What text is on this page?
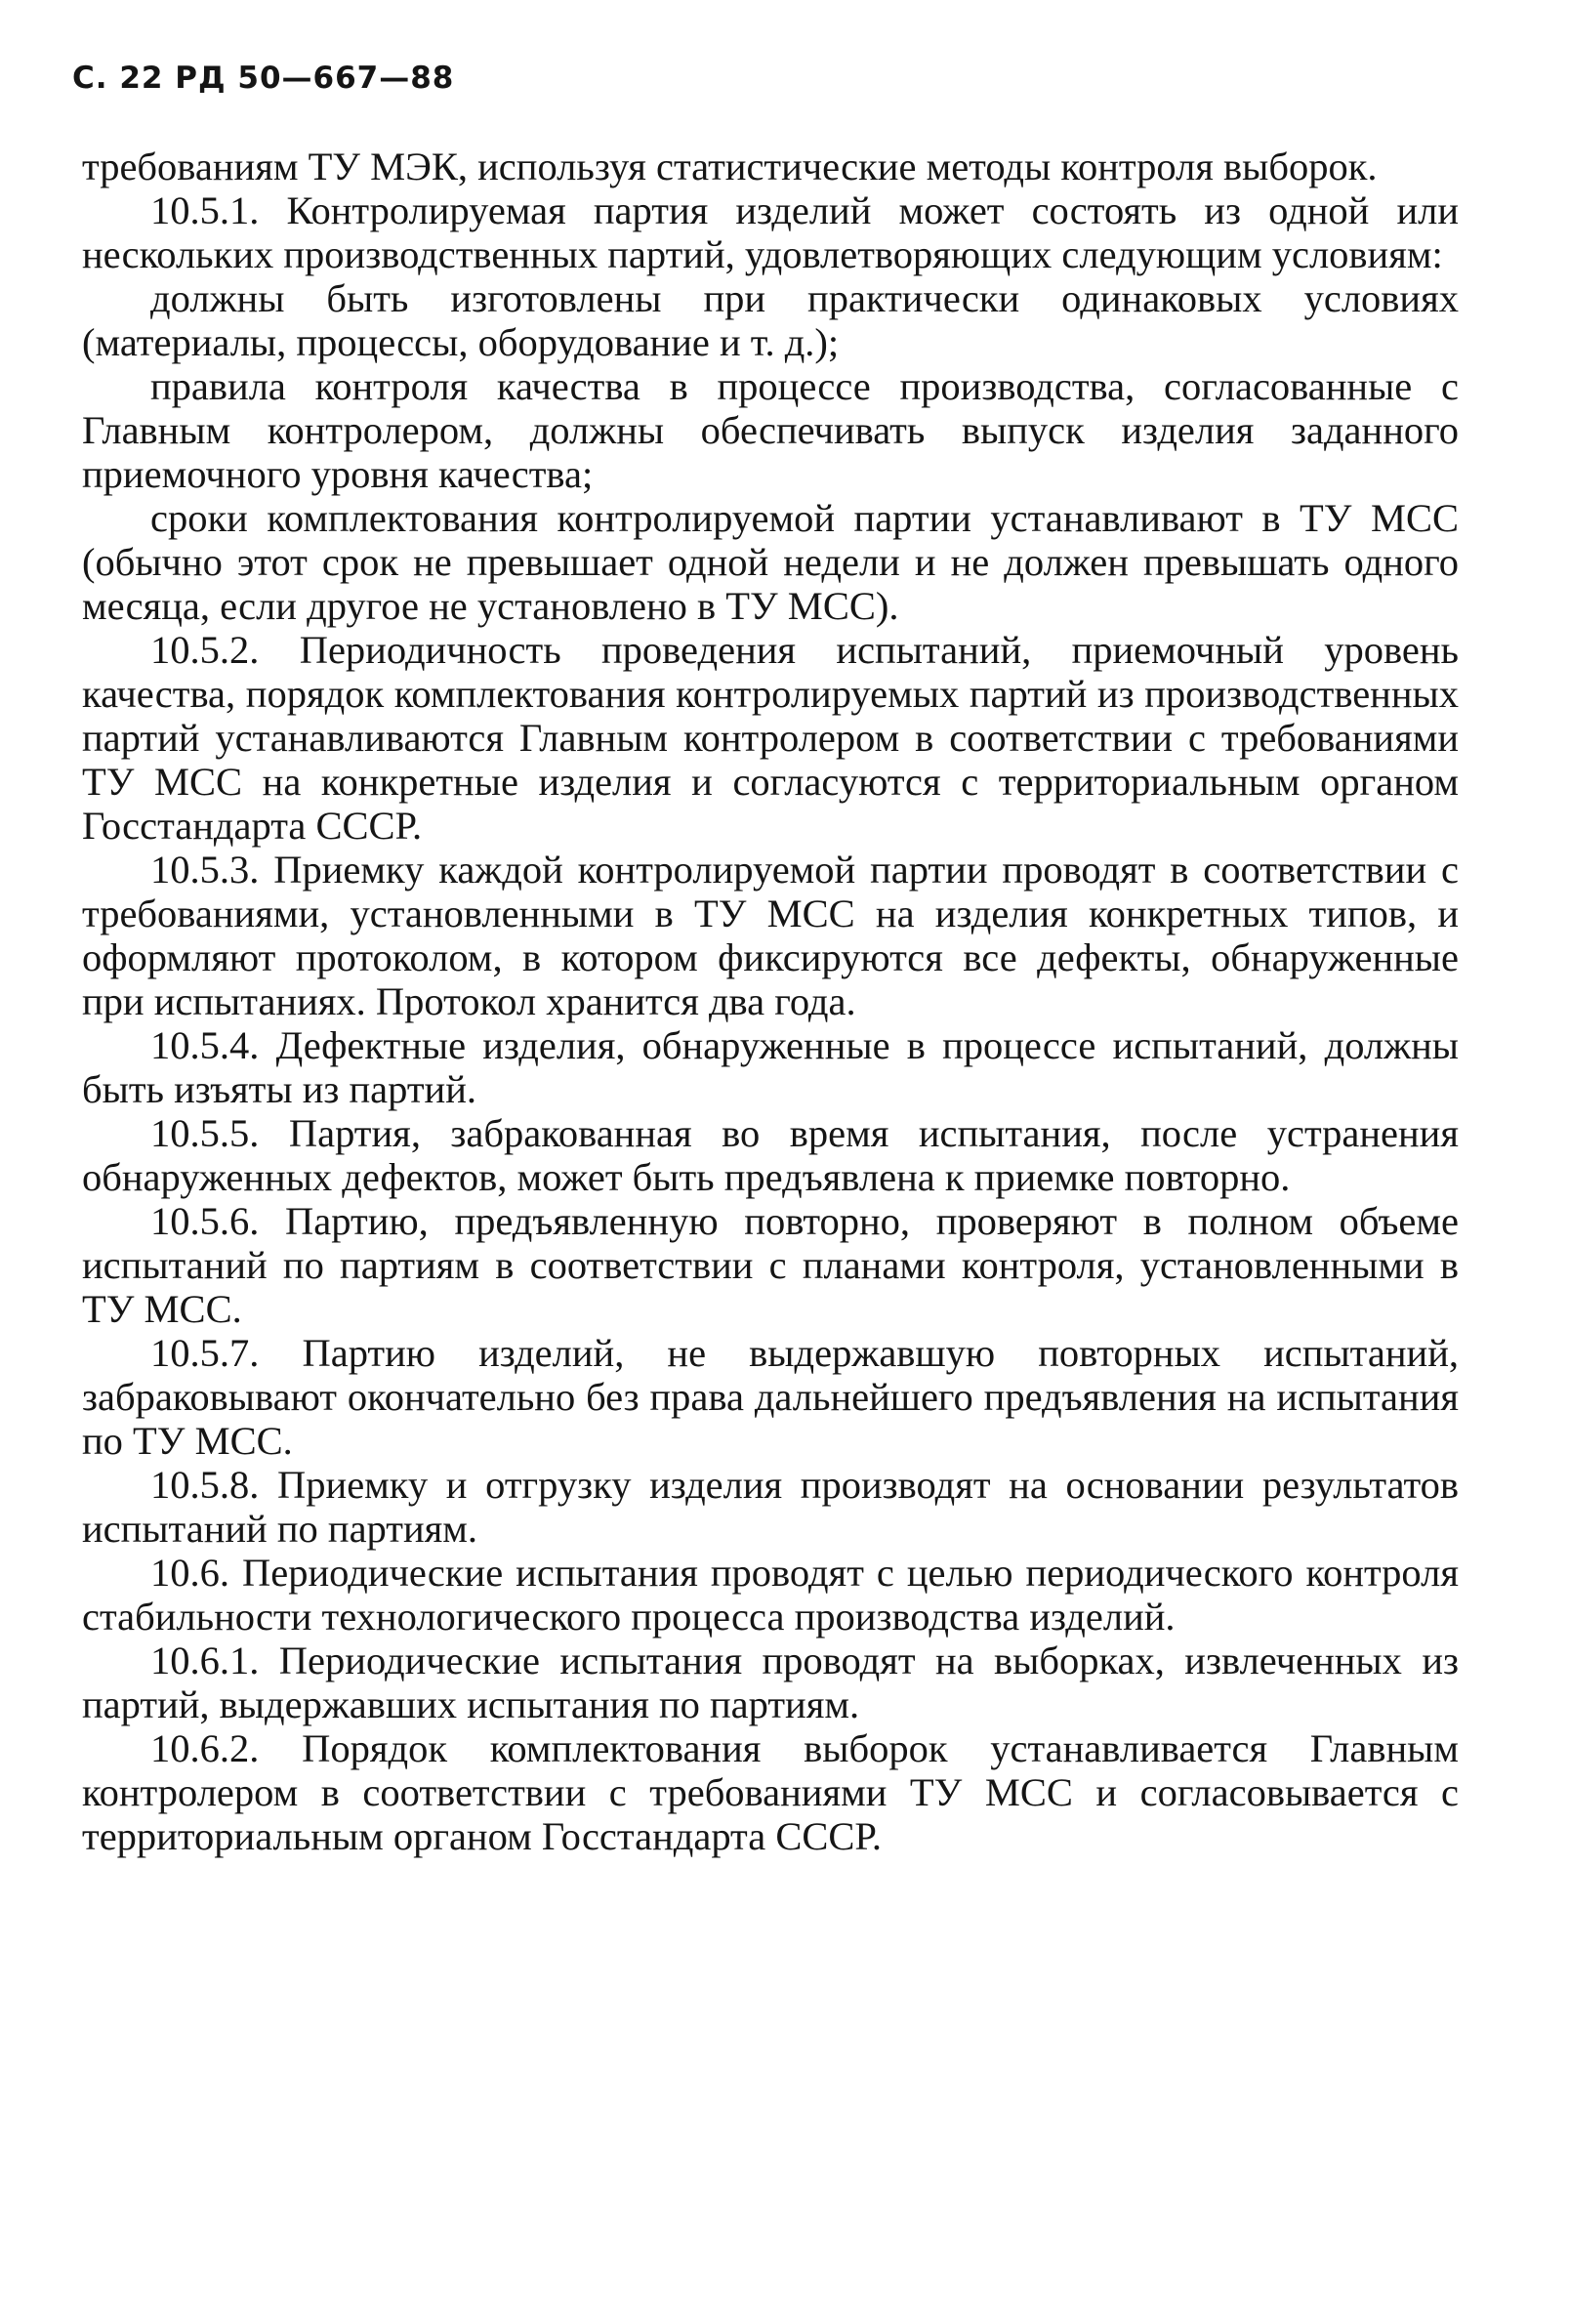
С. 22 РД 50—667—88

требованиям ТУ МЭК, используя статистические методы контроля выборок.

10.5.1. Контролируемая партия изделий может состоять из одной или нескольких производственных партий, удовлетворяющих следующим условиям:

должны быть изготовлены при практически одинаковых условиях (материалы, процессы, оборудование и т. д.);

правила контроля качества в процессе производства, согласованные с Главным контролером, должны обеспечивать выпуск изделия заданного приемочного уровня качества;

сроки комплектования контролируемой партии устанавливают в ТУ МСС (обычно этот срок не превышает одной недели и не должен превышать одного месяца, если другое не установлено в ТУ МСС).

10.5.2. Периодичность проведения испытаний, приемочный уровень качества, порядок комплектования контролируемых партий из производственных партий устанавливаются Главным контролером в соответствии с требованиями ТУ МСС на конкретные изделия и согласуются с территориальным органом Госстандарта СССР.

10.5.3. Приемку каждой контролируемой партии проводят в соответствии с требованиями, установленными в ТУ МСС на изделия конкретных типов, и оформляют протоколом, в котором фиксируются все дефекты, обнаруженные при испытаниях. Протокол хранится два года.

10.5.4. Дефектные изделия, обнаруженные в процессе испытаний, должны быть изъяты из партий.

10.5.5. Партия, забракованная во время испытания, после устранения обнаруженных дефектов, может быть предъявлена к приемке повторно.

10.5.6. Партию, предъявленную повторно, проверяют в полном объеме испытаний по партиям в соответствии с планами контроля, установленными в ТУ МСС.

10.5.7. Партию изделий, не выдержавшую повторных испытаний, забраковывают окончательно без права дальнейшего предъявления на испытания по ТУ МСС.

10.5.8. Приемку и отгрузку изделия производят на основании результатов испытаний по партиям.

10.6. Периодические испытания проводят с целью периодического контроля стабильности технологического процесса производства изделий.

10.6.1. Периодические испытания проводят на выборках, извлеченных из партий, выдержавших испытания по партиям.

10.6.2. Порядок комплектования выборок устанавливается Главным контролером в соответствии с требованиями ТУ МСС и согласовывается с территориальным органом Госстандарта СССР.
